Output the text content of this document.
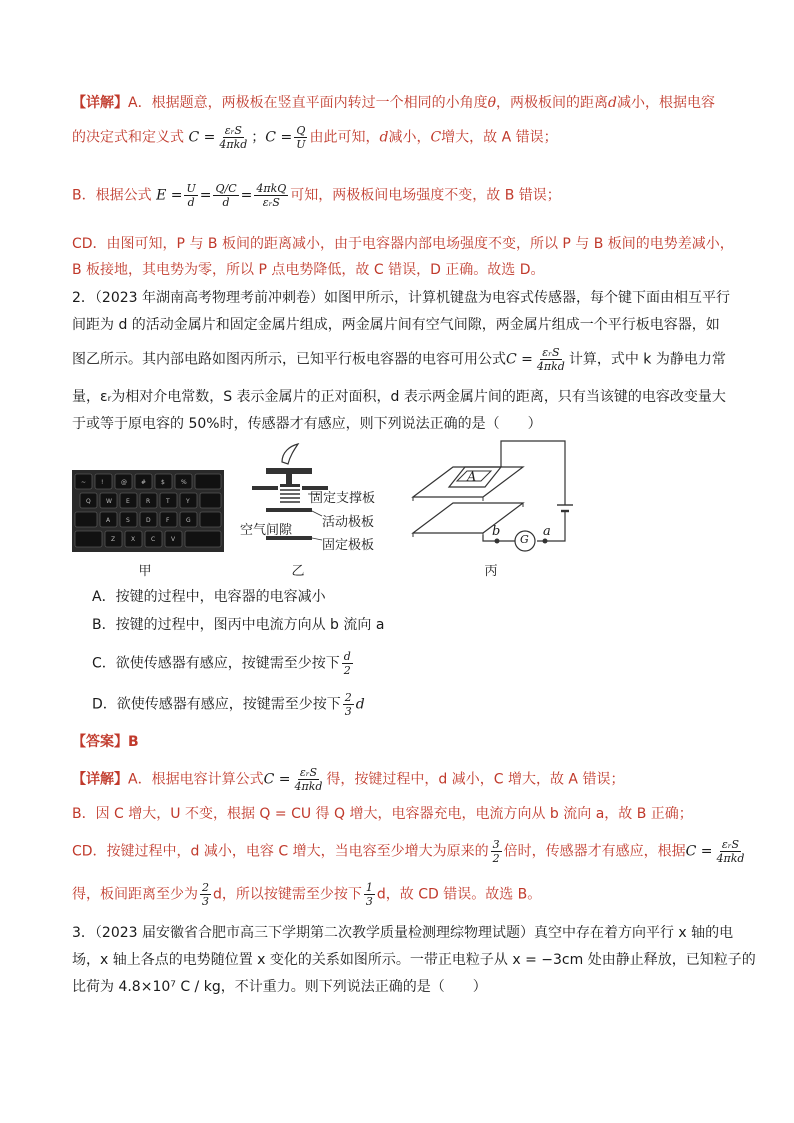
【详解】A．根据题意，两极板在竖直平面内转过一个相同的小角度θ，两极板间的距离d减小，根据电容
的决定式和定义式 $C = \frac{\text{εᵣS}}{\text{4πkd}}$ ；$C = \frac{Q}{U}$ 由此可知，d减小，C增大，故 A 错误；
B．根据公式 $E = \frac{U}{d} = \frac{Q/C}{d} = \frac{\text{4πkQ}}{\text{εᵣS}}$ 可知，两极板间电场强度不变，故 B 错误；
CD．由图可知，P 与 B 板间的距离减小，由于电容器内部电场强度不变，所以 P 与 B 板间的电势差减小，
B 板接地，其电势为零，所以 P 点电势降低，故 C 错误，D 正确。故选 D。
2．（2023 年湖南高考物理考前冲刺卷）如图甲所示，计算机键盘为电容式传感器，每个键下面由相互平行
间距为 d 的活动金属片和固定金属片组成，两金属片间有空气间隙，两金属片组成一个平行板电容器，如
图乙所示。其内部电路如图丙所示，已知平行板电容器的电容可用公式$C = \frac{\text{εᵣS}}{\text{4πkd}}$ 计算，式中 k 为静电力常
量，εᵣ为相对介电常数，S 表示金属片的正对面积，d 表示两金属片间的距离，只有当该键的电容改变量大
于或等于原电容的 50%时，传感器才有感应，则下列说法正确的是（　　）
~ !	@ # $	%
Q	W E	R	T	Y
A	S	D	F	G
Z	X	C	V
甲
固定支撑板
空气间隙
活动极板
固定极板
乙
A
b	a
G
丙
A．按键的过程中，电容器的电容减小
B．按键的过程中，图丙中电流方向从 b 流向 a
C．欲使传感器有感应，按键需至少按下 $\frac{d}{2}$
D．欲使传感器有感应，按键需至少按下 $\frac{2}{3}$ d
【答案】B
【详解】A．根据电容计算公式$C = \frac{\text{εᵣS}}{\text{4πkd}}$ 得，按键过程中，d 减小，C 增大，故 A 错误；
B．因 C 增大，U 不变，根据 Q = CU 得 Q 增大，电容器充电，电流方向从 b 流向 a，故 B 正确；
CD．按键过程中，d 减小，电容 C 增大，当电容至少增大为原来的 $\frac{3}{2}$ 倍时，传感器才有感应，根据$C = \frac{\text{εᵣS}}{\text{4πkd}}$
得，板间距离至少为 $\frac{2}{3}$ d，所以按键需至少按下 $\frac{1}{3}$ d，故 CD 错误。故选 B。
3．（2023 届安徽省合肥市高三下学期第二次教学质量检测理综物理试题）真空中存在着方向平行 x 轴的电
场，x 轴上各点的电势随位置 x 变化的关系如图所示。一带正电粒子从 x = −3cm 处由静止释放，已知粒子的
比荷为 4.8×10⁷ C / kg，不计重力。则下列说法正确的是（　　）
